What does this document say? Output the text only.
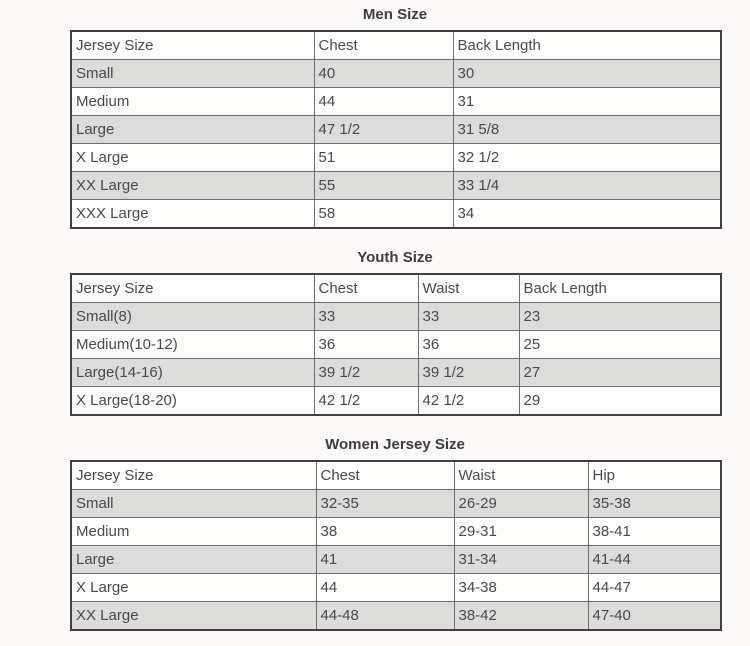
Men Size
Jersey Size	Chest	Back Length
Small	40	30
Medium	44	31
Large	47 1/2	31 5/8
X Large	51	32 1/2
XX Large	55	33 1/4
XXX Large	58	34
Youth Size
Jersey Size	Chest	Waist	Back Length
Small(8)	33	33	23
Medium(10-12)	36	36	25
Large(14-16)	39 1/2	39 1/2	27
X Large(18-20)	42 1/2	42 1/2	29
Women Jersey Size
Jersey Size	Chest	Waist	Hip
Small	32-35	26-29	35-38
Medium	38	29-31	38-41
Large	41	31-34	41-44
X Large	44	34-38	44-47
XX Large	44-48	38-42	47-40
